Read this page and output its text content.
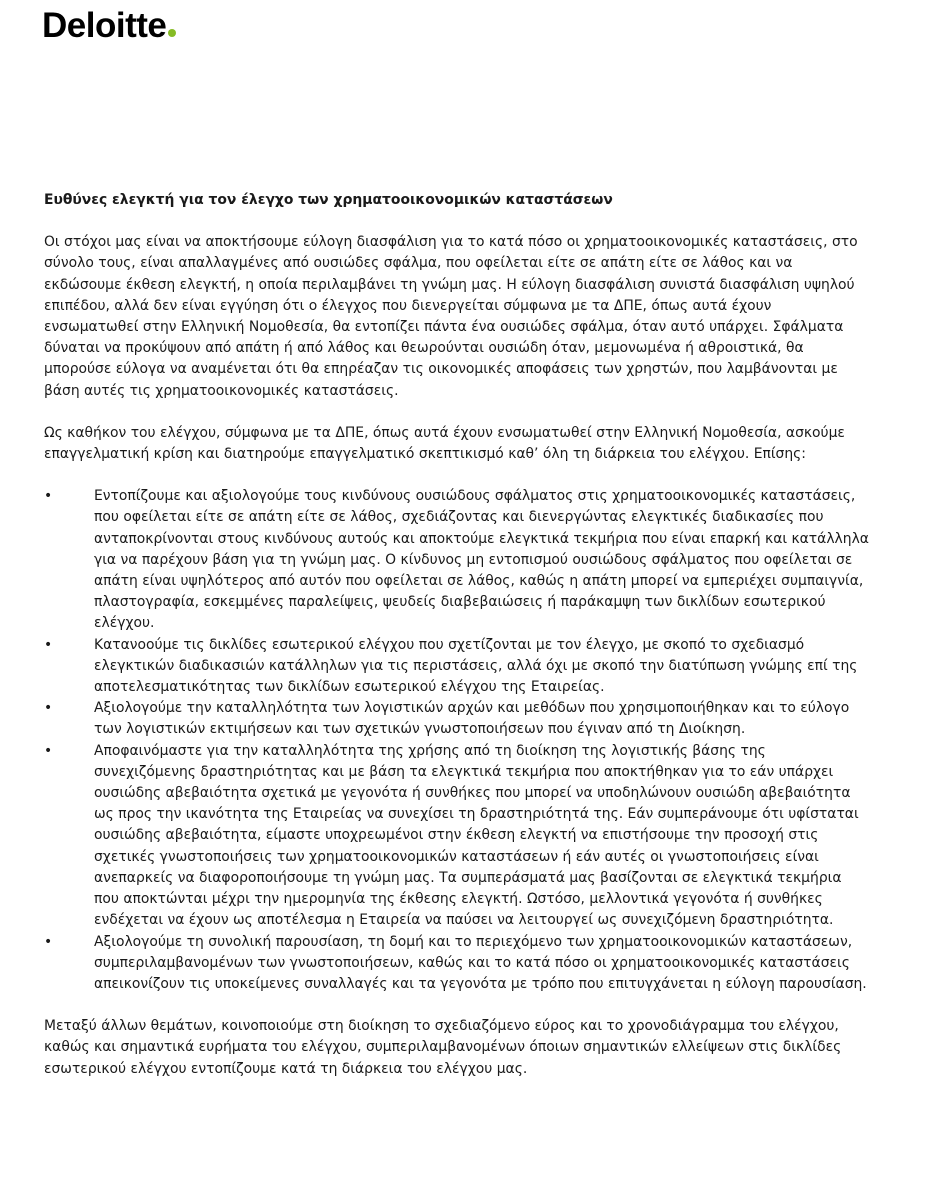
Deloitte
Ευθύνες ελεγκτή για τον έλεγχο των χρηματοοικονομικών καταστάσεων

Οι στόχοι μας είναι να αποκτήσουμε εύλογη διασφάλιση για το κατά πόσο οι χρηματοοικονομικές καταστάσεις, στο σύνολο τους, είναι απαλλαγμένες από ουσιώδες σφάλμα, που οφείλεται είτε σε απάτη είτε σε λάθος και να εκδώσουμε έκθεση ελεγκτή, η οποία περιλαμβάνει τη γνώμη μας. Η εύλογη διασφάλιση συνιστά διασφάλιση υψηλού επιπέδου, αλλά δεν είναι εγγύηση ότι ο έλεγχος που διενεργείται σύμφωνα με τα ΔΠΕ, όπως αυτά έχουν ενσωματωθεί στην Ελληνική Νομοθεσία, θα εντοπίζει πάντα ένα ουσιώδες σφάλμα, όταν αυτό υπάρχει. Σφάλματα δύναται να προκύψουν από απάτη ή από λάθος και θεωρούνται ουσιώδη όταν, μεμονωμένα ή αθροιστικά, θα μπορούσε εύλογα να αναμένεται ότι θα επηρέαζαν τις οικονομικές αποφάσεις των χρηστών, που λαμβάνονται με βάση αυτές τις χρηματοοικονομικές καταστάσεις.

Ως καθήκον του ελέγχου, σύμφωνα με τα ΔΠΕ, όπως αυτά έχουν ενσωματωθεί στην Ελληνική Νομοθεσία, ασκούμε επαγγελματική κρίση και διατηρούμε επαγγελματικό σκεπτικισμό καθ’ όλη τη διάρκεια του ελέγχου. Επίσης:

•	Εντοπίζουμε και αξιολογούμε τους κινδύνους ουσιώδους σφάλματος στις χρηματοοικονομικές καταστάσεις, που οφείλεται είτε σε απάτη είτε σε λάθος, σχεδιάζοντας και διενεργώντας ελεγκτικές διαδικασίες που ανταποκρίνονται στους κινδύνους αυτούς και αποκτούμε ελεγκτικά τεκμήρια που είναι επαρκή και κατάλληλα για να παρέχουν βάση για τη γνώμη μας. Ο κίνδυνος μη εντοπισμού ουσιώδους σφάλματος που οφείλεται σε απάτη είναι υψηλότερος από αυτόν που οφείλεται σε λάθος, καθώς η απάτη μπορεί να εμπεριέχει συμπαιγνία, πλαστογραφία, εσκεμμένες παραλείψεις, ψευδείς διαβεβαιώσεις ή παράκαμψη των δικλίδων εσωτερικού ελέγχου.
•	Κατανοούμε τις δικλίδες εσωτερικού ελέγχου που σχετίζονται με τον έλεγχο, με σκοπό το σχεδιασμό ελεγκτικών διαδικασιών κατάλληλων για τις περιστάσεις, αλλά όχι με σκοπό την διατύπωση γνώμης επί της αποτελεσματικότητας των δικλίδων εσωτερικού ελέγχου της Εταιρείας.
•	Αξιολογούμε την καταλληλότητα των λογιστικών αρχών και μεθόδων που χρησιμοποιήθηκαν και το εύλογο των λογιστικών εκτιμήσεων και των σχετικών γνωστοποιήσεων που έγιναν από τη Διοίκηση.
•	Αποφαινόμαστε για την καταλληλότητα της χρήσης από τη διοίκηση της λογιστικής βάσης της συνεχιζόμενης δραστηριότητας και με βάση τα ελεγκτικά τεκμήρια που αποκτήθηκαν για το εάν υπάρχει ουσιώδης αβεβαιότητα σχετικά με γεγονότα ή συνθήκες που μπορεί να υποδηλώνουν ουσιώδη αβεβαιότητα ως προς την ικανότητα της Εταιρείας να συνεχίσει τη δραστηριότητά της. Εάν συμπεράνουμε ότι υφίσταται ουσιώδης αβεβαιότητα, είμαστε υποχρεωμένοι στην έκθεση ελεγκτή να επιστήσουμε την προσοχή στις σχετικές γνωστοποιήσεις των χρηματοοικονομικών καταστάσεων ή εάν αυτές οι γνωστοποιήσεις είναι ανεπαρκείς να διαφοροποιήσουμε τη γνώμη μας. Τα συμπεράσματά μας βασίζονται σε ελεγκτικά τεκμήρια που αποκτώνται μέχρι την ημερομηνία της έκθεσης ελεγκτή. Ωστόσο, μελλοντικά γεγονότα ή συνθήκες ενδέχεται να έχουν ως αποτέλεσμα η Εταιρεία να παύσει να λειτουργεί ως συνεχιζόμενη δραστηριότητα.
•	Αξιολογούμε τη συνολική παρουσίαση, τη δομή και το περιεχόμενο των χρηματοοικονομικών καταστάσεων, συμπεριλαμβανομένων των γνωστοποιήσεων, καθώς και το κατά πόσο οι χρηματοοικονομικές καταστάσεις απεικονίζουν τις υποκείμενες συναλλαγές και τα γεγονότα με τρόπο που επιτυγχάνεται η εύλογη παρουσίαση.

Μεταξύ άλλων θεμάτων, κοινοποιούμε στη διοίκηση το σχεδιαζόμενο εύρος και το χρονοδιάγραμμα του ελέγχου, καθώς και σημαντικά ευρήματα του ελέγχου, συμπεριλαμβανομένων όποιων σημαντικών ελλείψεων στις δικλίδες εσωτερικού ελέγχου εντοπίζουμε κατά τη διάρκεια του ελέγχου μας.
